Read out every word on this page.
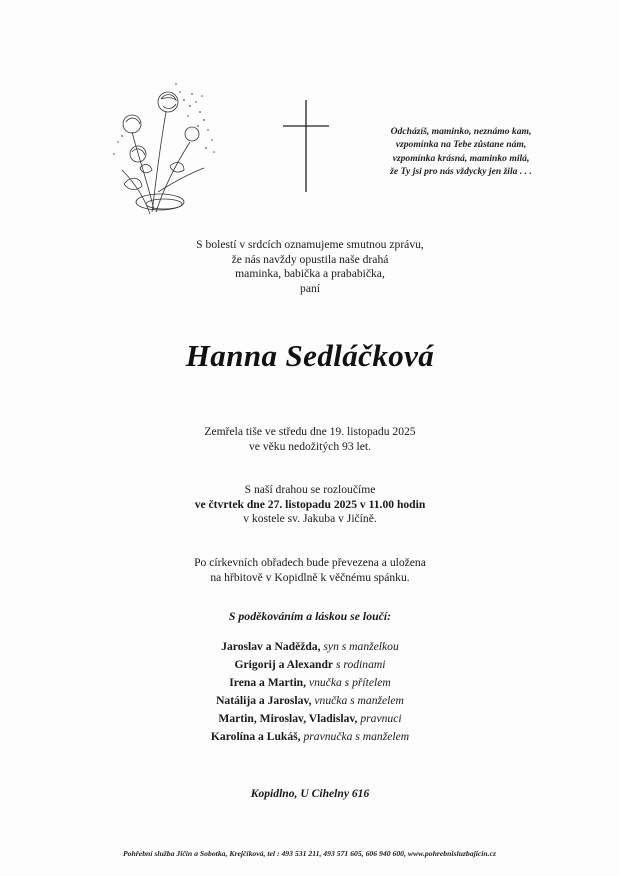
Odcházíš, maminko, neznámo kam,
vzpomínka na Tebe zůstane nám,
vzpomínka krásná, maminko milá,
že Ty jsi pro nás vždycky jen žila . . .
S bolestí v srdcích oznamujeme smutnou zprávu,
že nás navždy opustila naše drahá
maminka, babička a prababička,
paní
Hanna Sedláčková
Zemřela tiše ve středu dne 19. listopadu 2025
ve věku nedožitých 93 let.
S naší drahou se rozloučíme
ve čtvrtek dne 27. listopadu 2025 v 11.00 hodin
v kostele sv. Jakuba v Jičíně.
Po církevních obřadech bude převezena a uložena
na hřbitově v Kopidlně k věčnému spánku.
S poděkováním a láskou se loučí:
Jaroslav a Naděžda, syn s manželkou
Grigorij a Alexandr s rodinami
Irena a Martin, vnučka s přítelem
Natálija a Jaroslav, vnučka s manželem
Martin, Miroslav, Vladislav, pravnuci
Karolína a Lukáš, pravnučka s manželem
Kopidlno, U Cihelny 616
Pohřební služba Jičín a Sobotka, Krejčíková, tel : 493 531 211, 493 571 605, 606 940 600, www.pohrebnisluzbajicin.cz
